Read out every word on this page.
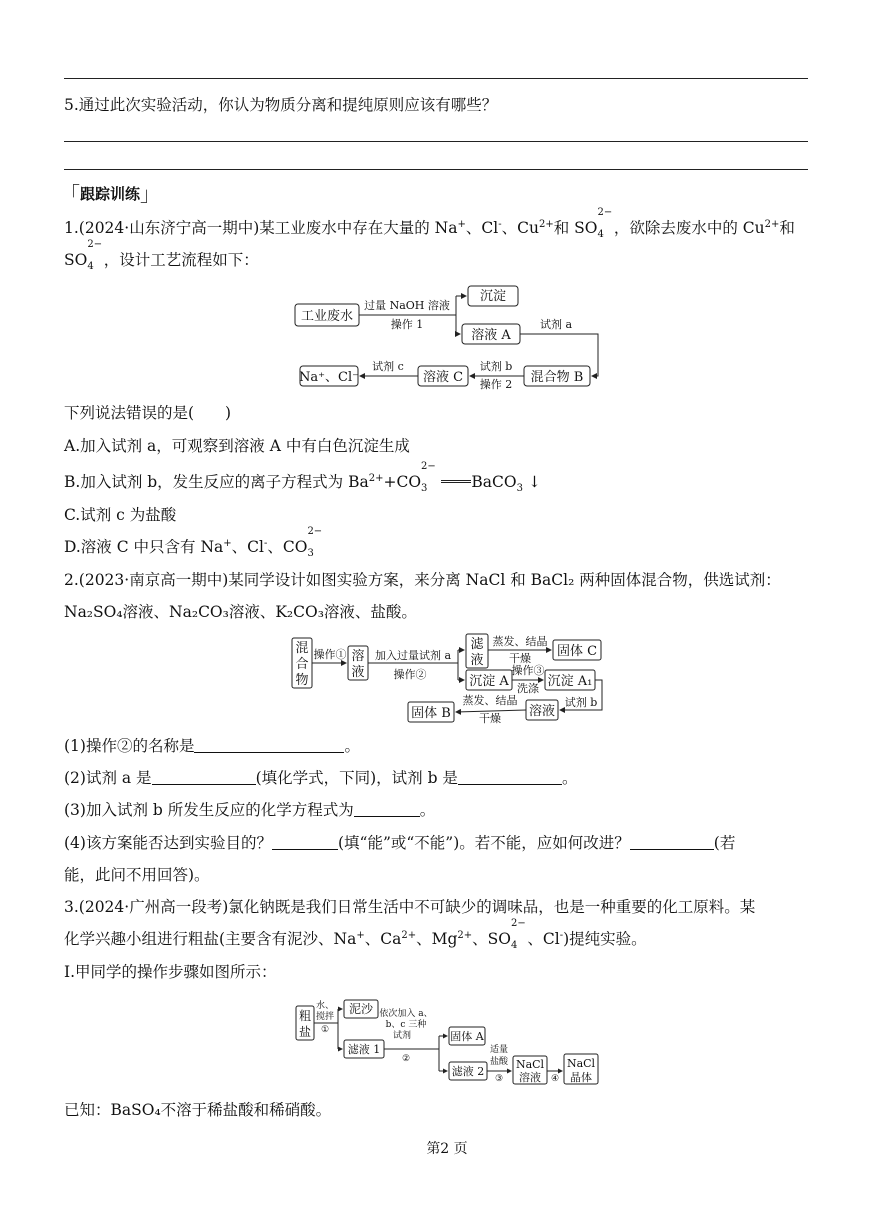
5.通过此次实验活动，你认为物质分离和提纯原则应该有哪些？
「跟踪训练」
1.(2024·山东济宁高一期中)某工业废水中存在大量的 Na+、Cl-、$Cu^{2+}$和 SO
$_{2- 4}$ ，欲除去废水中的 $Cu^{2+}$和
SO
$_{2- 4}$ ，设计工艺流程如下：
工业废水
过量 NaOH 溶液
操作 1
沉淀
溶液 A
试剂 a
混合物 B
试剂 b
操作 2
溶液 C
试剂 c
Na⁺、Cl⁻
下列说法错误的是(　　)
A.加入试剂 a，可观察到溶液 A 中有白色沉淀生成
B.加入试剂 b，发生反应的离子方程式为 $Ba^{2+}+CO$
$_{2- 3}$	BaCO$_3$ ↓
C.试剂 c 为盐酸
D.溶液 C 中只含有 Na+、Cl-、CO
$_{2- 3}$
2.(2023·南京高一期中)某同学设计如图实验方案，来分离 NaCl 和 BaCl₂ 两种固体混合物，供选试剂：
Na₂SO₄溶液、Na₂CO₃溶液、K₂CO₃溶液、盐酸。
混
合
物
操作① 溶
液
加入过量试剂 a
操作②
滤
液
蒸发、结晶
干燥 固体 C
操作③
沉淀 A 洗涤 沉淀 A₁
试剂 b
溶液
蒸发、结晶
干燥
固体 B
(1)操作②的名称是	。
(2)试剂 a 是	(填化学式，下同)，试剂 b 是	。
(3)加入试剂 b 所发生反应的化学方程式为	。
(4)该方案能否达到实验目的？	(填“能”或“不能”)。若不能，应如何改进？	(若
能，此问不用回答)。
3.(2024·广州高一段考)氯化钠既是我们日常生活中不可缺少的调味品，也是一种重要的化工原料。某
化学兴趣小组进行粗盐(主要含有泥沙、Na+、$Ca^{2+}$、$Mg^{2+}$、SO
$_{2- 4}$ 、Cl-)提纯实验。
Ⅰ.甲同学的操作步骤如图所示：
粗
盐
水、
搅拌
①
泥沙
滤液 1
依次加入 a、
b、c 三种
试剂
②
固体 A
滤液 2
适量
盐酸
③
NaCl
溶液 ④
NaCl
晶体
已知：BaSO₄不溶于稀盐酸和稀硝酸。
第2 页
